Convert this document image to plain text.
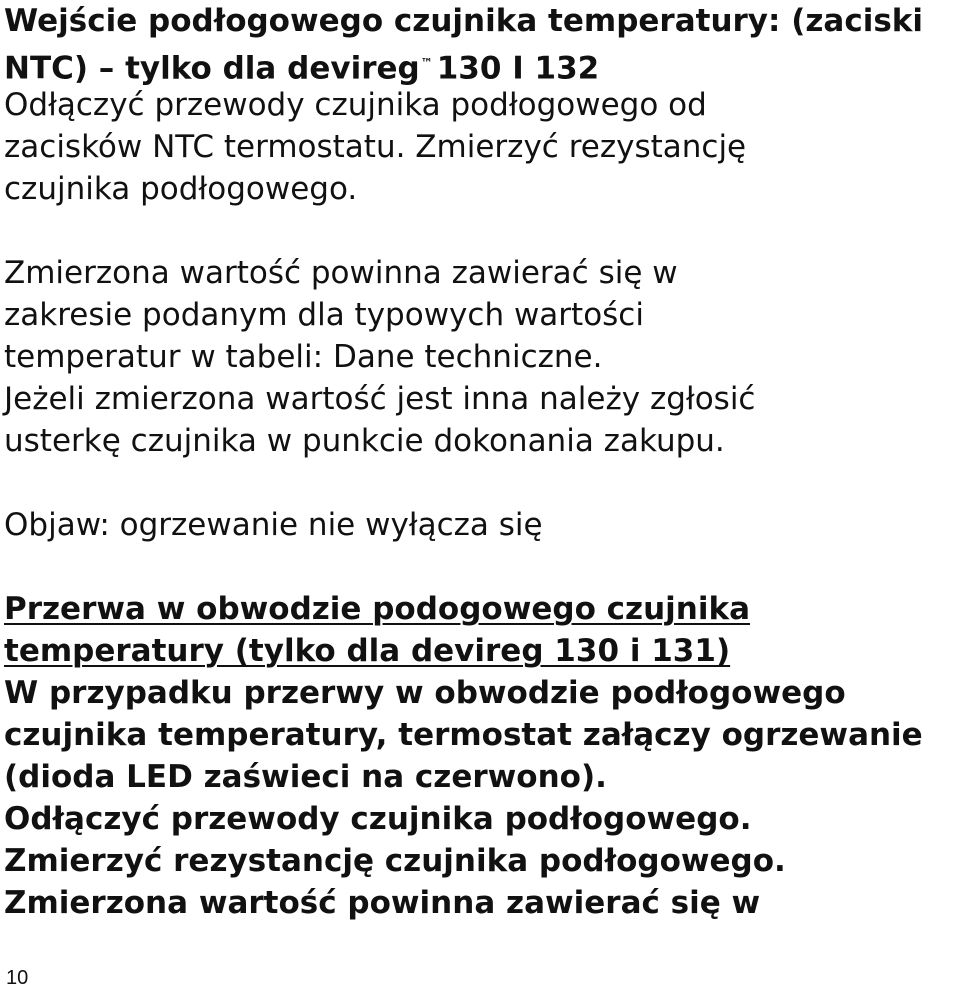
Wejście podłogowego czujnika temperatury: (zaciski
NTC) – tylko dla devireg™ 130 I 132
Odłączyć przewody czujnika podłogowego od
zacisków NTC termostatu. Zmierzyć rezystancję
czujnika podłogowego.
Zmierzona wartość powinna zawierać się w
zakresie podanym dla typowych wartości
temperatur w tabeli: Dane techniczne.
Jeżeli zmierzona wartość jest inna należy zgłosić
usterkę czujnika w punkcie dokonania zakupu.
Objaw: ogrzewanie nie wyłącza się
Przerwa w obwodzie podogowego czujnika
temperatury (tylko dla devireg 130 i 131)
W przypadku przerwy w obwodzie podłogowego
czujnika temperatury, termostat załączy ogrzewanie
(dioda LED zaświeci na czerwono).
Odłączyć przewody czujnika podłogowego.
Zmierzyć rezystancję czujnika podłogowego.
Zmierzona wartość powinna zawierać się w
10
